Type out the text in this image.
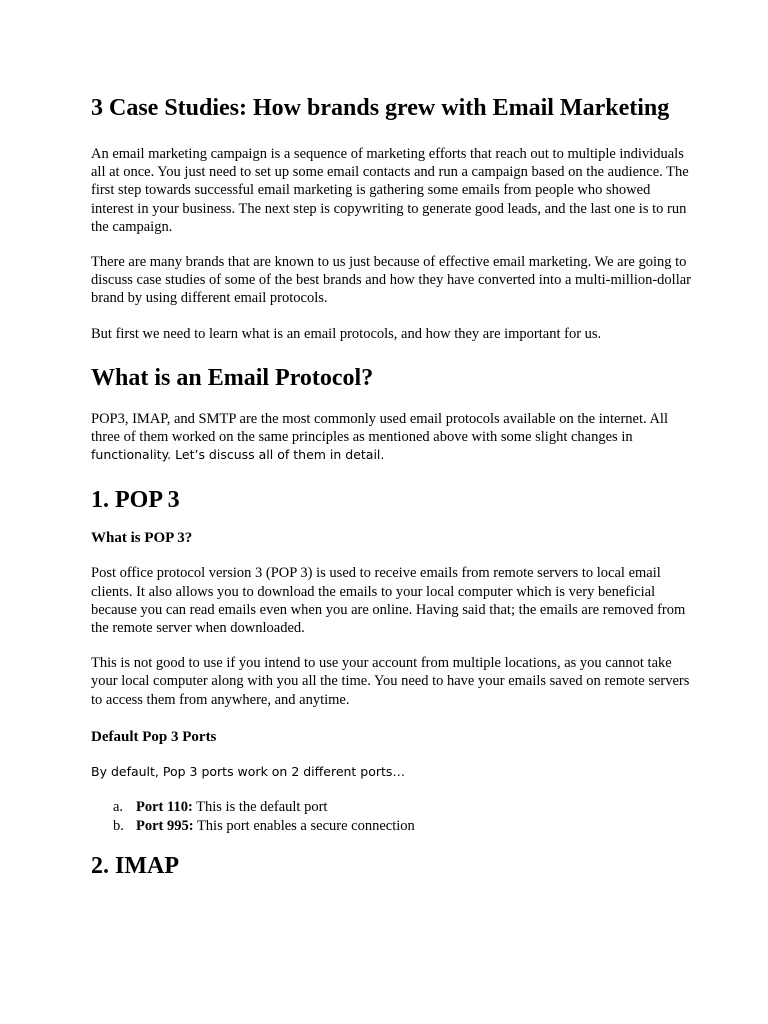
3 Case Studies: How brands grew with Email Marketing

An email marketing campaign is a sequence of marketing efforts that reach out to multiple individuals all at once. You just need to set up some email contacts and run a campaign based on the audience. The first step towards successful email marketing is gathering some emails from people who showed interest in your business. The next step is copywriting to generate good leads, and the last one is to run the campaign.

There are many brands that are known to us just because of effective email marketing. We are going to discuss case studies of some of the best brands and how they have converted into a multi-million-dollar brand by using different email protocols.

But first we need to learn what is an email protocols, and how they are important for us.

What is an Email Protocol?

POP3, IMAP, and SMTP are the most commonly used email protocols available on the internet. All three of them worked on the same principles as mentioned above with some slight changes in functionality. Let’s discuss all of them in detail.

1. POP 3
What is POP 3?

Post office protocol version 3 (POP 3) is used to receive emails from remote servers to local email clients. It also allows you to download the emails to your local computer which is very beneficial because you can read emails even when you are online. Having said that; the emails are removed from the remote server when downloaded.

This is not good to use if you intend to use your account from multiple locations, as you cannot take your local computer along with you all the time. You need to have your emails saved on remote servers to access them from anywhere, and anytime.

Default Pop 3 Ports

By default, Pop 3 ports work on 2 different ports…

a. Port 110: This is the default port
b. Port 995: This port enables a secure connection
2. IMAP
